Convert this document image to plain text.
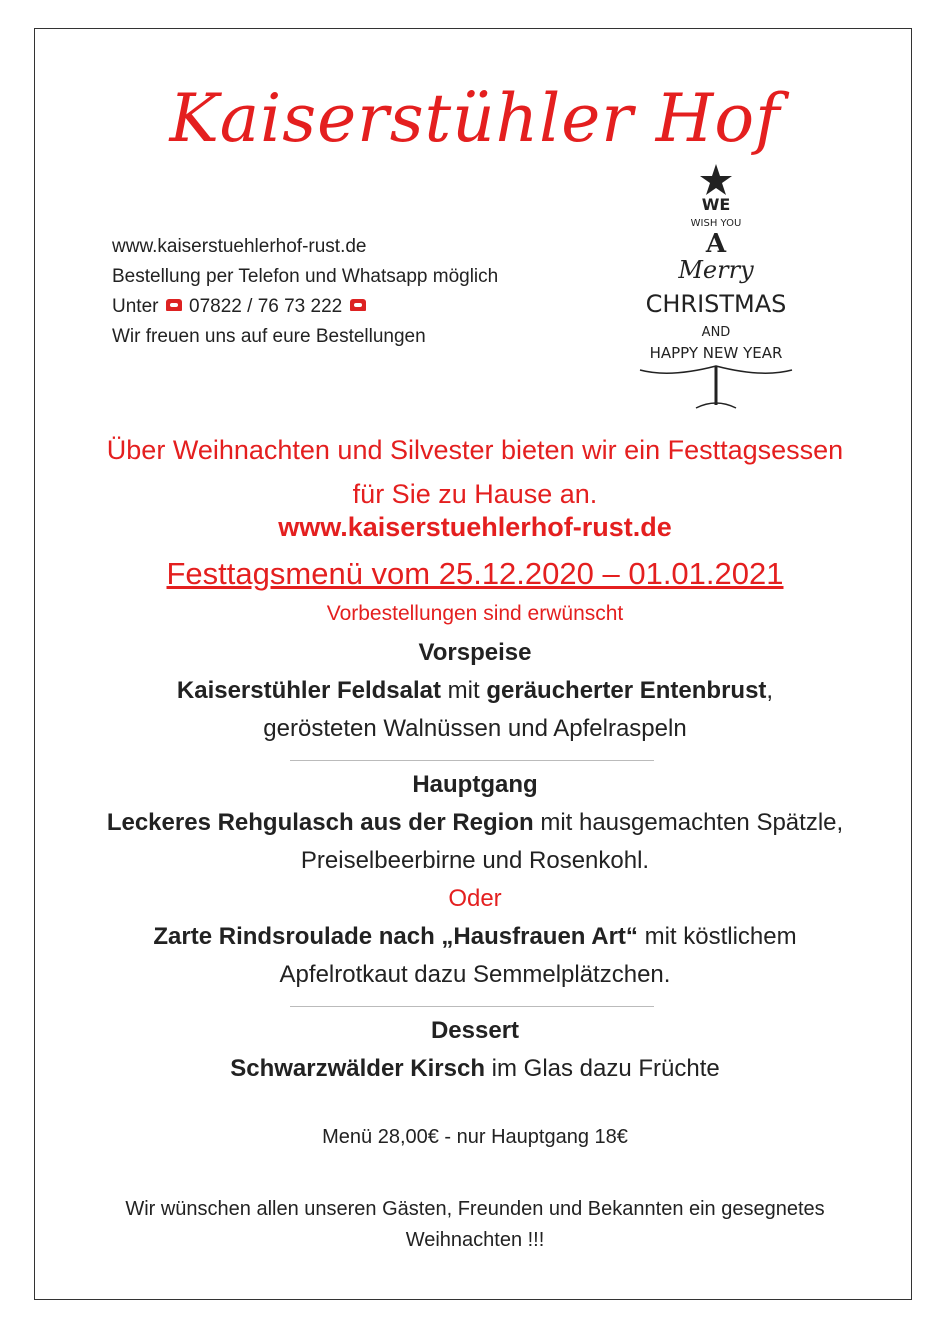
Kaiserstühler Hof
www.kaiserstuehlerhof-rust.de
Bestellung per Telefon und Whatsapp möglich
Unter 07822 / 76 73 222
Wir freuen uns auf eure Bestellungen
WE
WISH YOU
A
Merry
CHRISTMAS
AND
HAPPY NEW YEAR
Über Weihnachten und Silvester bieten wir ein Festtagsessen
für Sie zu Hause an.
www.kaiserstuehlerhof-rust.de
Festtagsmenü vom 25.12.2020 – 01.01.2021
Vorbestellungen sind erwünscht
Vorspeise
Kaiserstühler Feldsalat mit geräucherter Entenbrust,
gerösteten Walnüssen und Apfelraspeln
Hauptgang
Leckeres Rehgulasch aus der Region mit hausgemachten Spätzle,
Preiselbeerbirne und Rosenkohl.
Oder
Zarte Rindsroulade nach „Hausfrauen Art“ mit köstlichem
Apfelrotkaut dazu Semmelplätzchen.
Dessert
Schwarzwälder Kirsch im Glas dazu Früchte
Menü 28,00€ - nur Hauptgang 18€
Wir wünschen allen unseren Gästen, Freunden und Bekannten ein gesegnetes
Weihnachten !!!
